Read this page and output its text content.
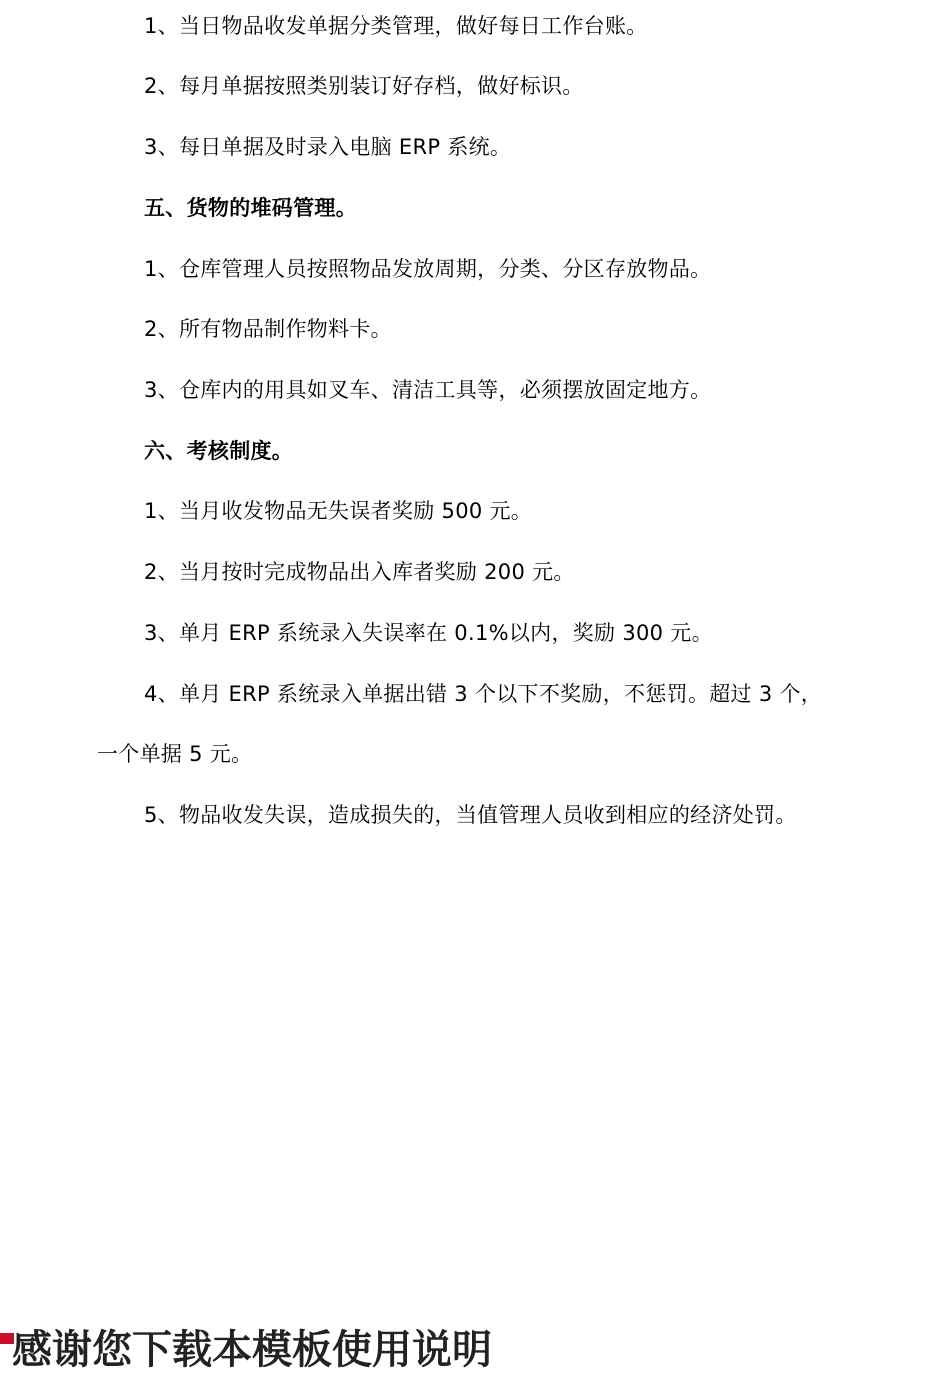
1、当日物品收发单据分类管理，做好每日工作台账。
2、每月单据按照类别装订好存档，做好标识。
3、每日单据及时录入电脑 ERP 系统。
五、货物的堆码管理。
1、仓库管理人员按照物品发放周期，分类、分区存放物品。
2、所有物品制作物料卡。
3、仓库内的用具如叉车、清洁工具等，必须摆放固定地方。
六、考核制度。
1、当月收发物品无失误者奖励 500 元。
2、当月按时完成物品出入库者奖励 200 元。
3、单月 ERP 系统录入失误率在 0.1%以内，奖励 300 元。
4、单月 ERP 系统录入单据出错 3 个以下不奖励，不惩罚。超过 3 个，
一个单据 5 元。
5、物品收发失误，造成损失的，当值管理人员收到相应的经济处罚。
感谢您下载本模板使用说明
